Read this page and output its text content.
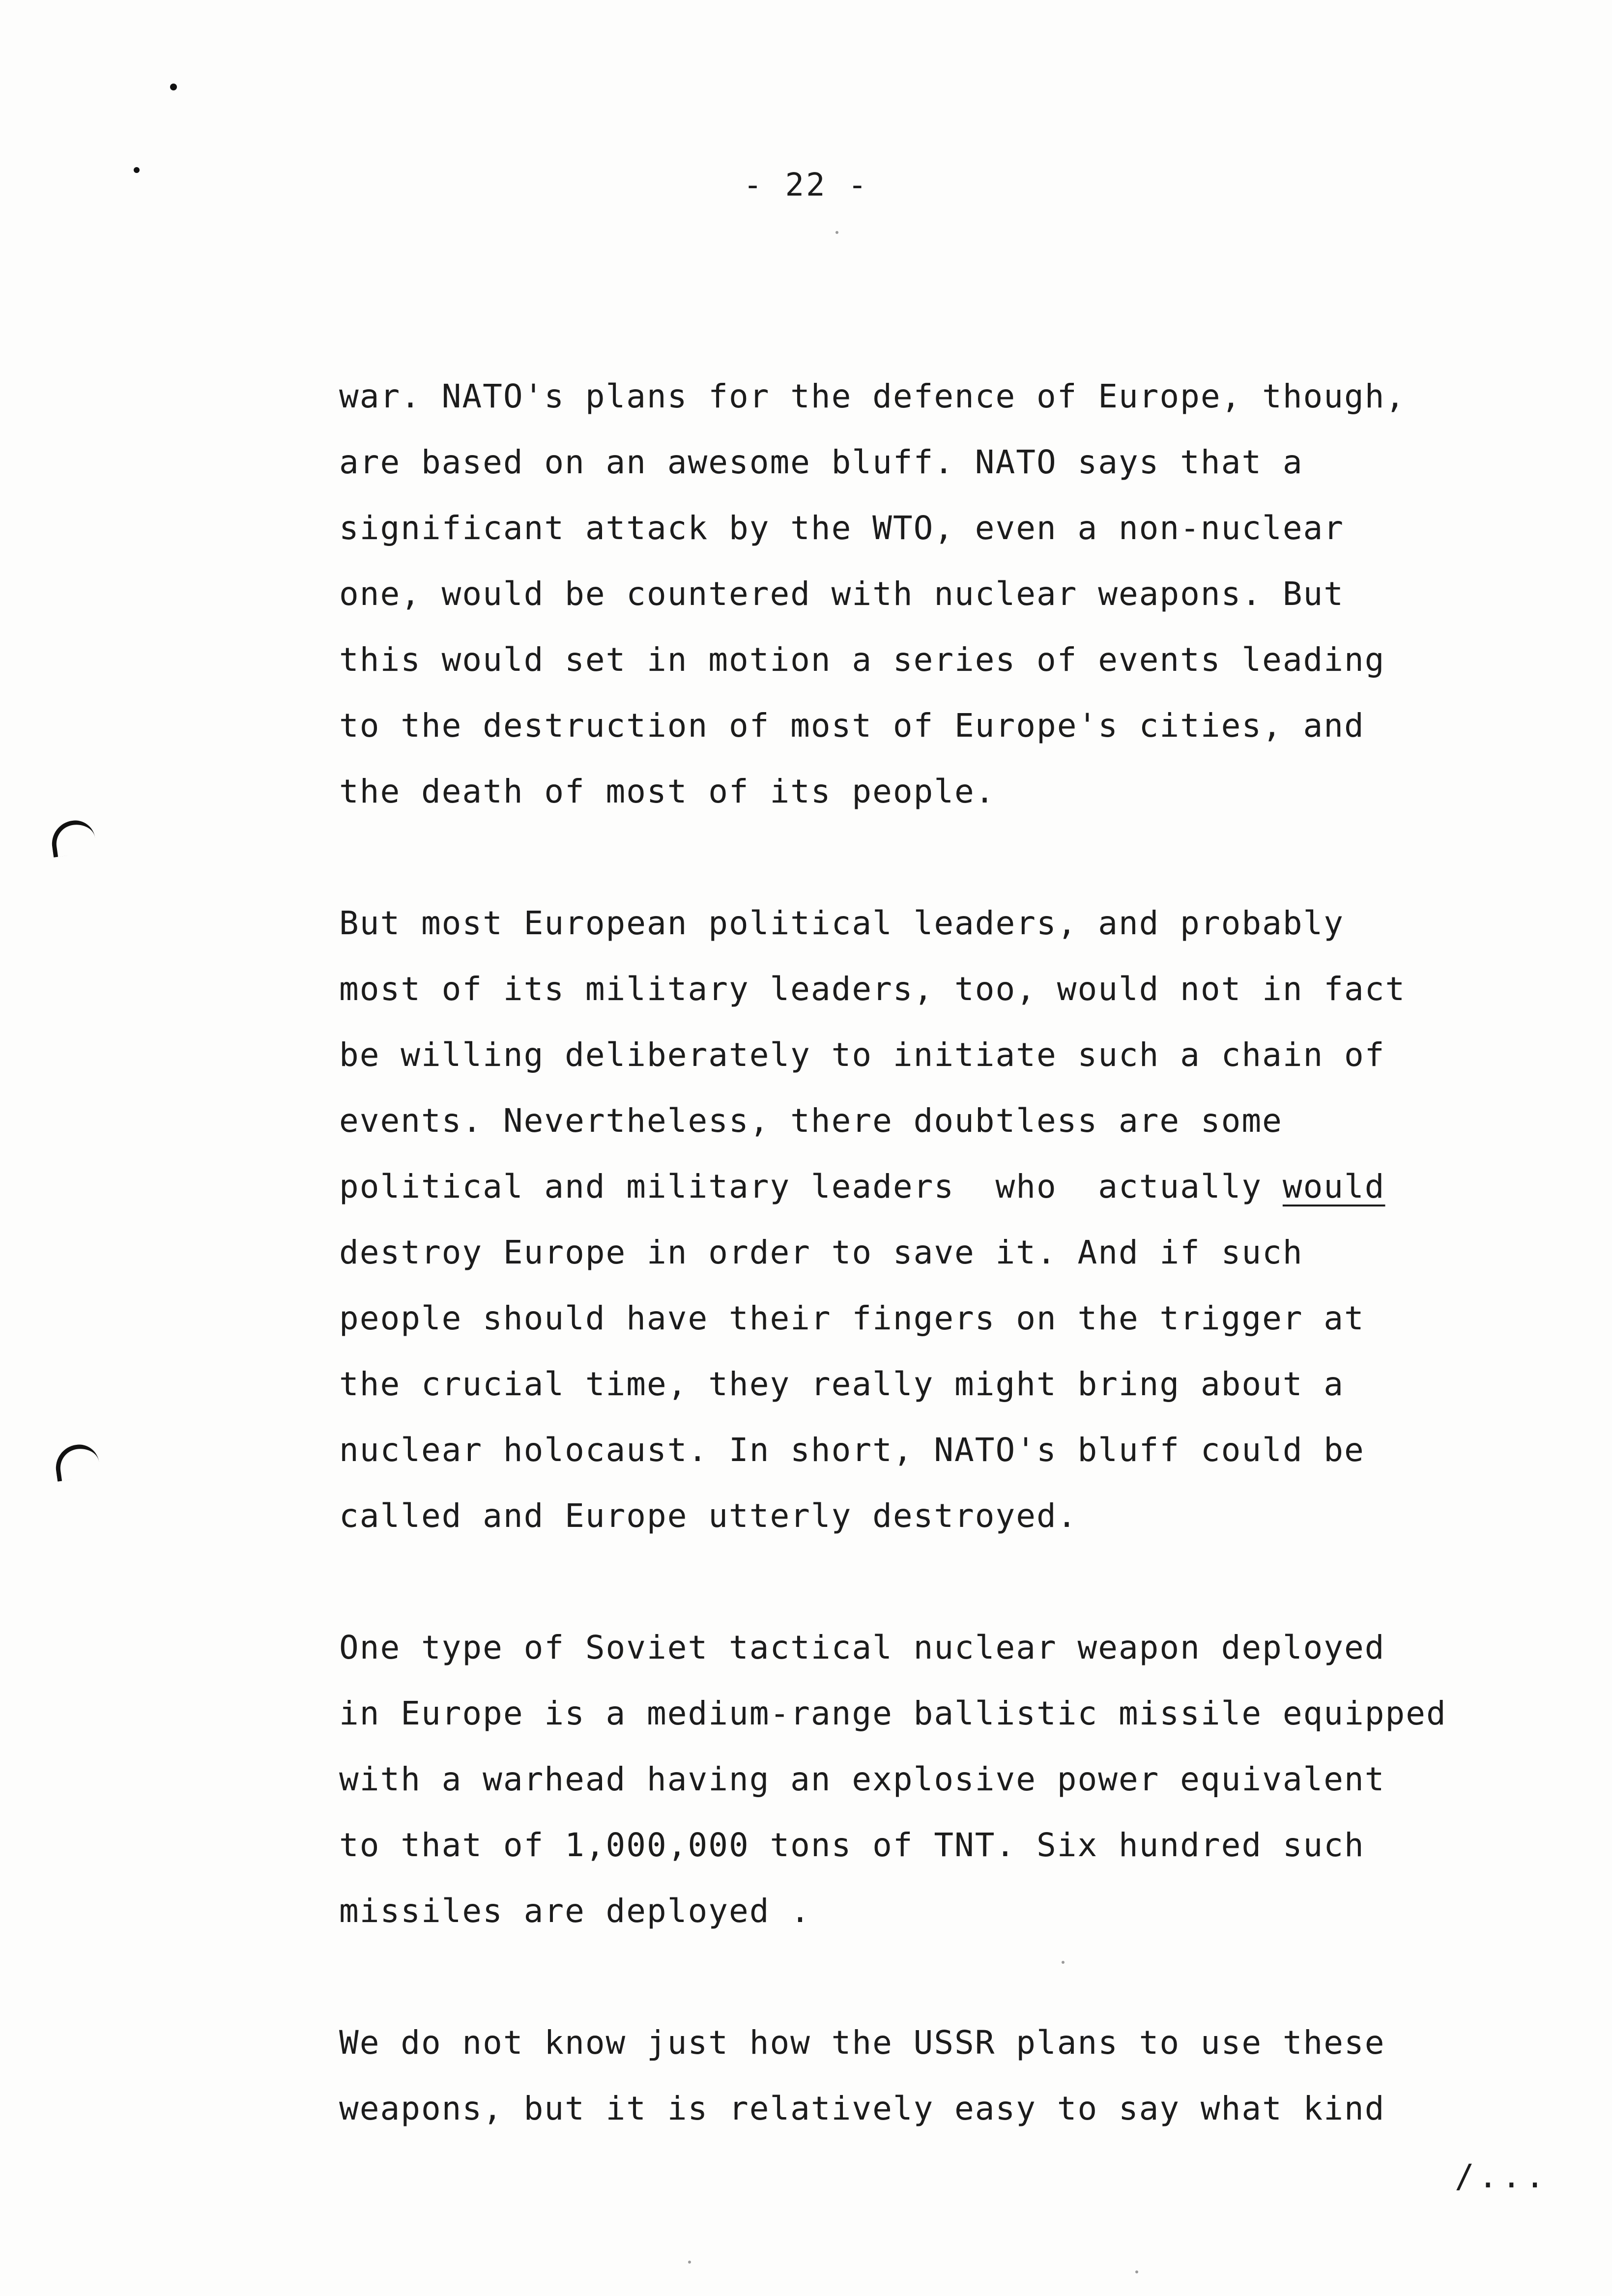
- 22 -
war. NATO's plans for the defence of Europe, though,
are based on an awesome bluff. NATO says that a
significant attack by the WTO, even a non-nuclear
one, would be countered with nuclear weapons. But
this would set in motion a series of events leading
to the destruction of most of Europe's cities, and
the death of most of its people.
But most European political leaders, and probably
most of its military leaders, too, would not in fact
be willing deliberately to initiate such a chain of
events. Nevertheless, there doubtless are some
political and military leaders  who  actually would
destroy Europe in order to save it. And if such
people should have their fingers on the trigger at
the crucial time, they really might bring about a
nuclear holocaust. In short, NATO's bluff could be
called and Europe utterly destroyed.
One type of Soviet tactical nuclear weapon deployed
in Europe is a medium-range ballistic missile equipped
with a warhead having an explosive power equivalent
to that of 1,000,000 tons of TNT. Six hundred such
missiles are deployed .
We do not know just how the USSR plans to use these
weapons, but it is relatively easy to say what kind
/...
